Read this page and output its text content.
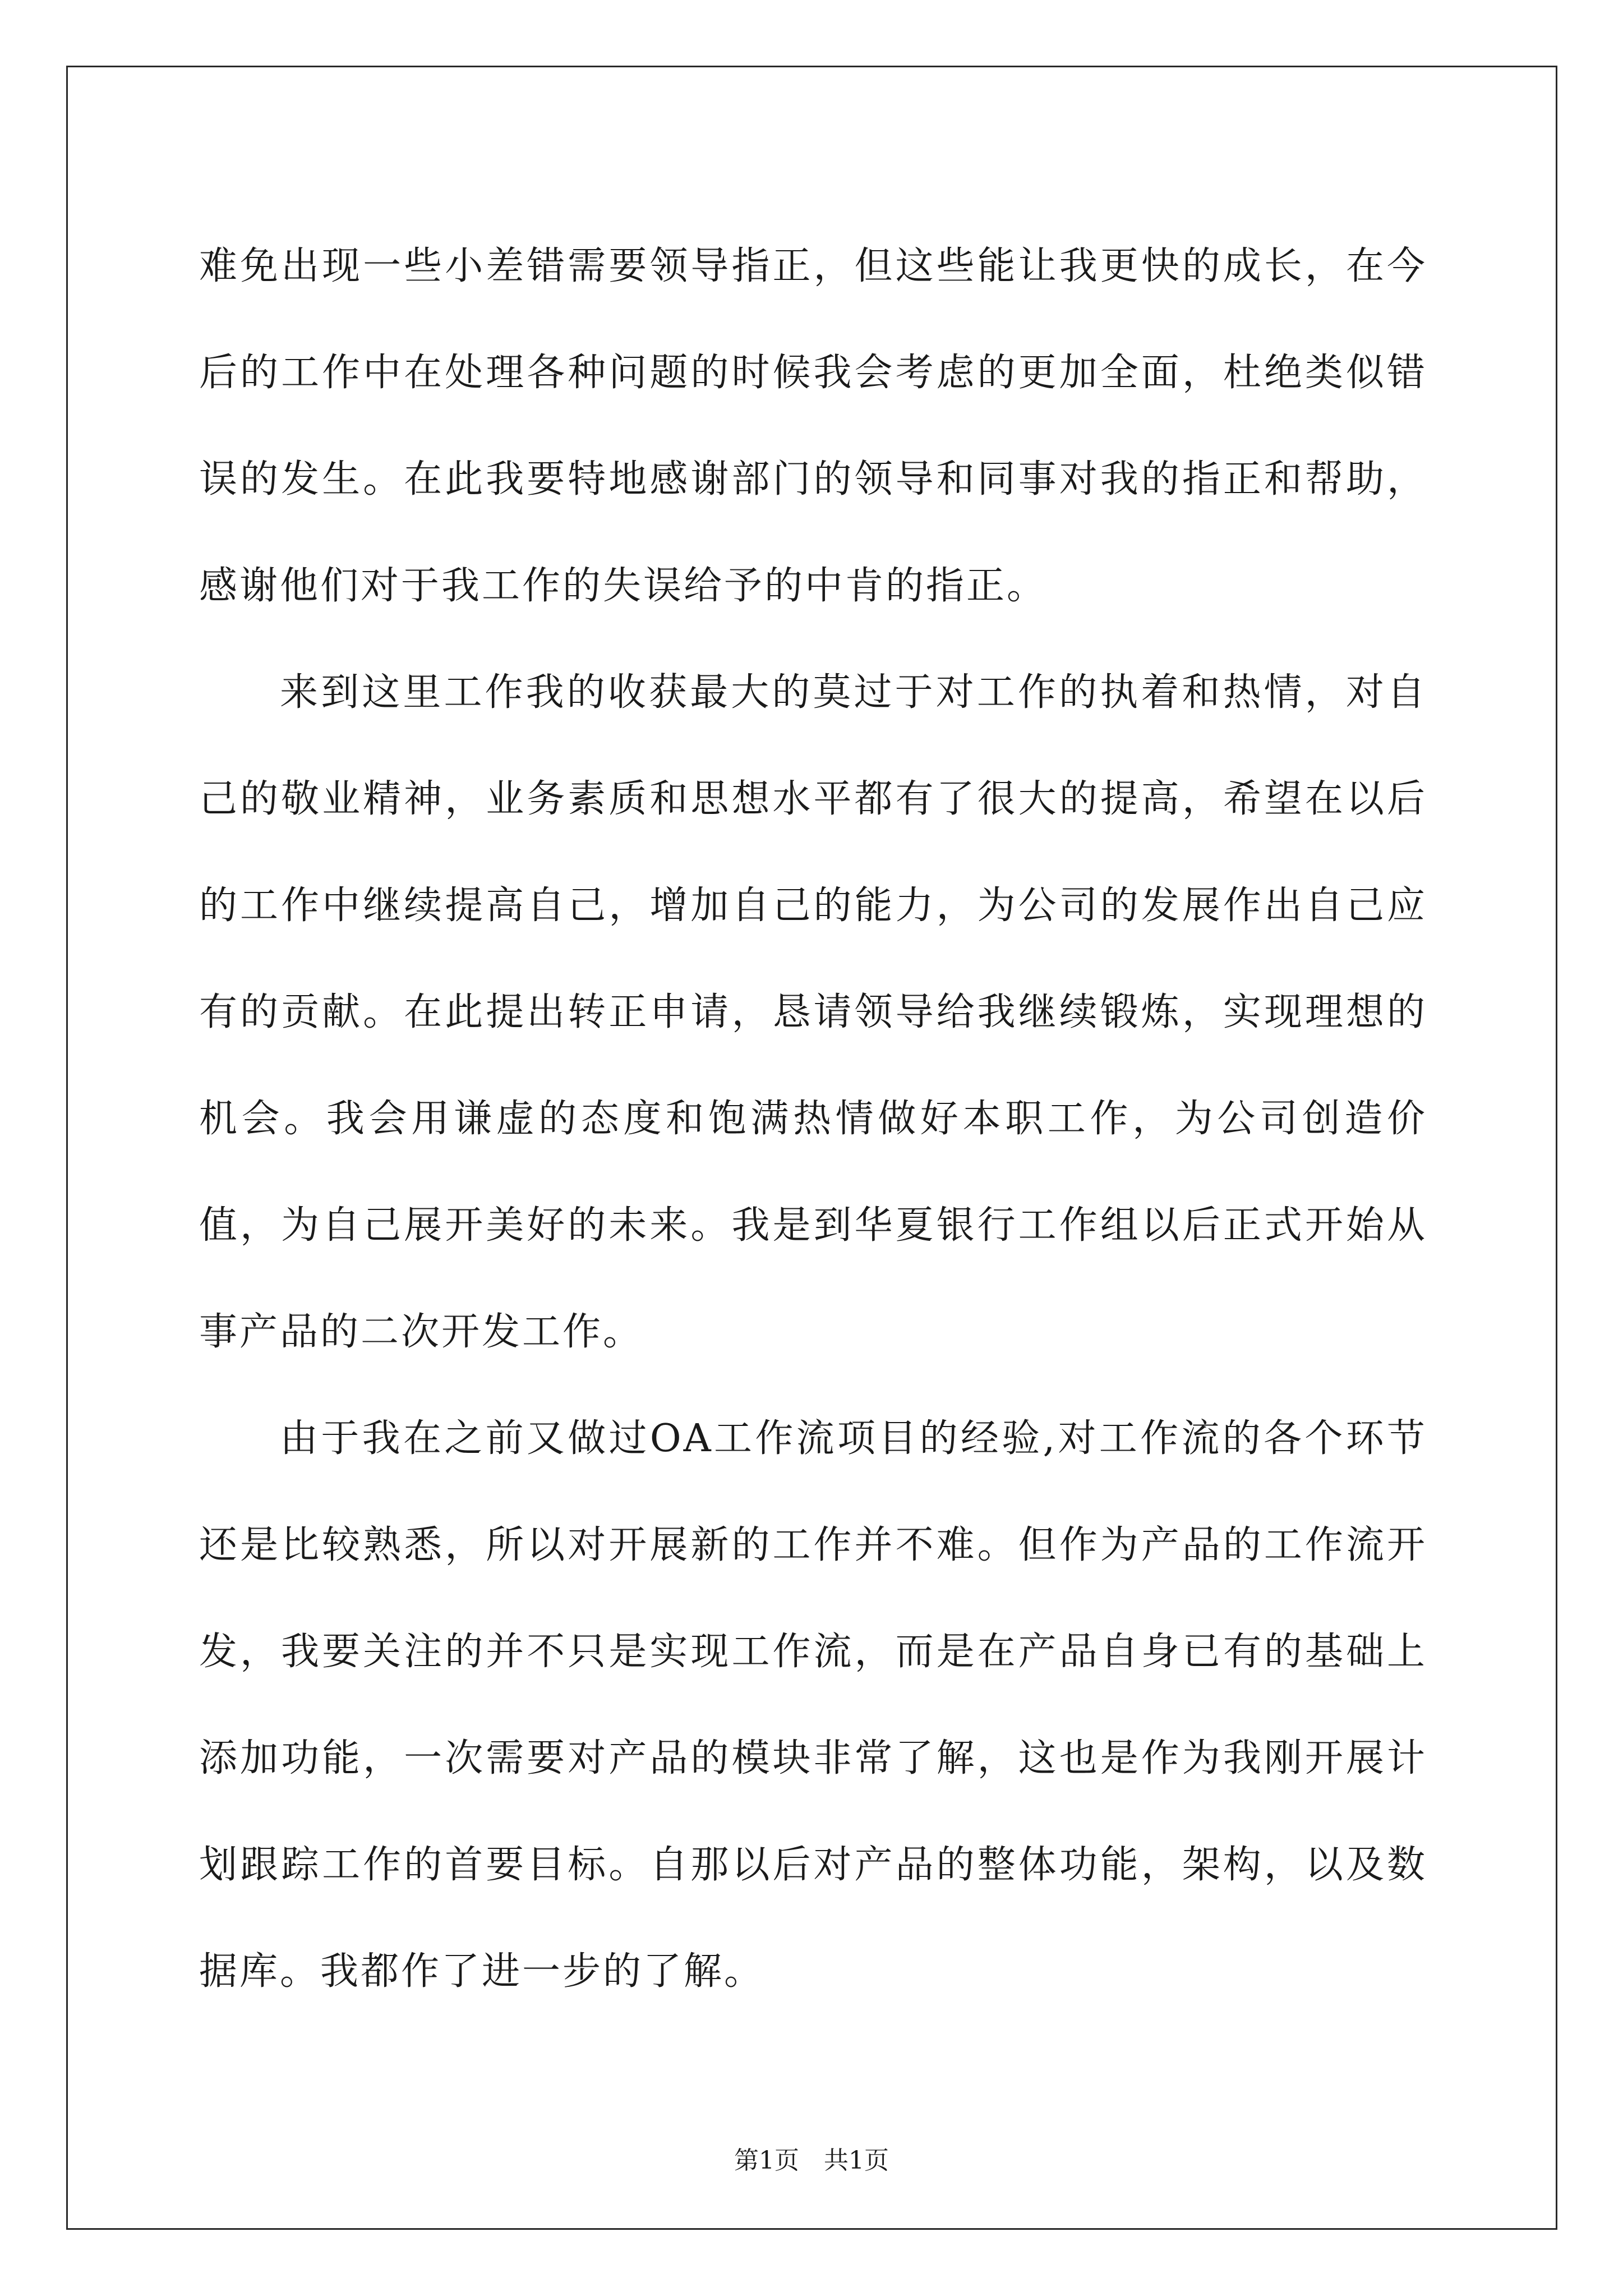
难免出现一些小差错需要领导指正，但这些能让我更快的成长，在今后的工作中在处理各种问题的时候我会考虑的更加全面，杜绝类似错误的发生。在此我要特地感谢部门的领导和同事对我的指正和帮助，感谢他们对于我工作的失误给予的中肯的指正。

来到这里工作我的收获最大的莫过于对工作的执着和热情，对自己的敬业精神，业务素质和思想水平都有了很大的提高，希望在以后的工作中继续提高自己，增加自己的能力，为公司的发展作出自己应有的贡献。在此提出转正申请，恳请领导给我继续锻炼，实现理想的机会。我会用谦虚的态度和饱满热情做好本职工作，为公司创造价值，为自己展开美好的未来。我是到华夏银行工作组以后正式开始从事产品的二次开发工作。

由于我在之前又做过OA工作流项目的经验,对工作流的各个环节还是比较熟悉，所以对开展新的工作并不难。但作为产品的工作流开发，我要关注的并不只是实现工作流，而是在产品自身已有的基础上添加功能，一次需要对产品的模块非常了解，这也是作为我刚开展计划跟踪工作的首要目标。自那以后对产品的整体功能，架构，以及数据库。我都作了进一步的了解。

第1页 共1页
